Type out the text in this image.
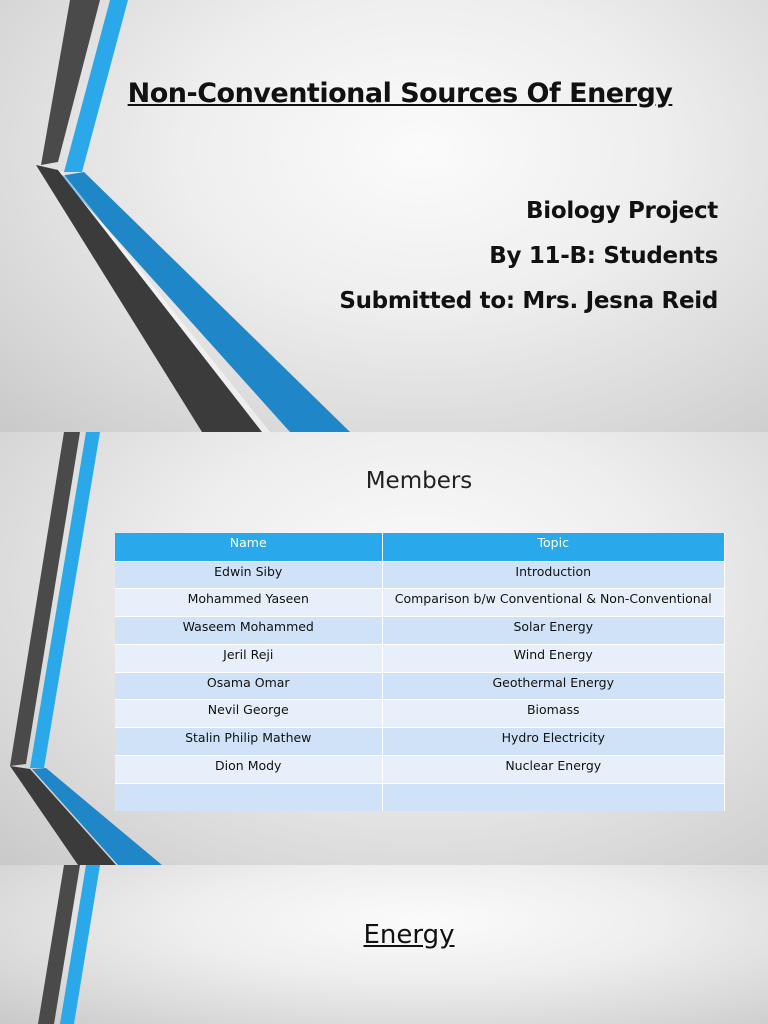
Non-Conventional Sources Of Energy
Biology Project
By 11-B: Students
Submitted to: Mrs. Jesna Reid
Members
Name	Topic
Edwin Siby	Introduction
Mohammed Yaseen	Comparison b/w Conventional & Non-Conventional
Waseem Mohammed	Solar Energy
Jeril Reji	Wind Energy
Osama Omar	Geothermal Energy
Nevil George	Biomass
Stalin Philip Mathew	Hydro Electricity
Dion Mody	Nuclear Energy

Energy
